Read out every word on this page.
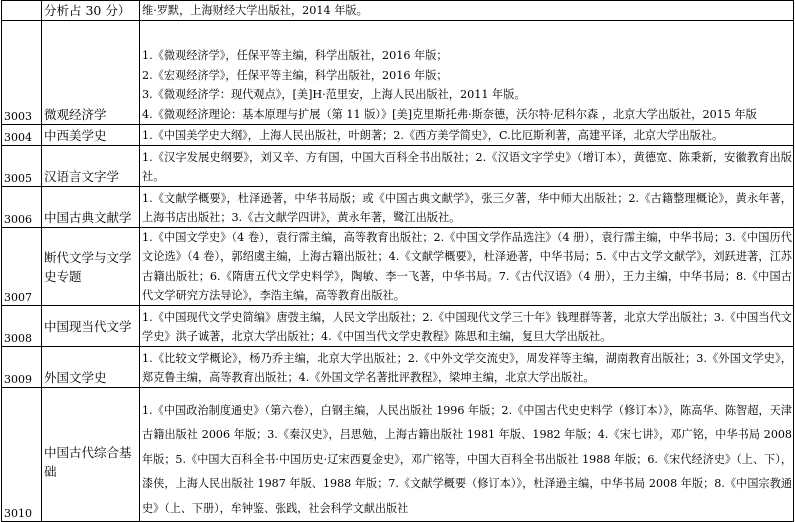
	分析占 30 分）	维·罗默，上海财经大学出版社，2014 年版。

3003	微观经济学	1.《微观经济学》，任保平等主编，科学出版社，2016 年版；
2.《宏观经济学》，任保平等主编，科学出版社，2016 年版；
3.《微观经济学：现代观点》，[美]H·范里安，上海人民出版社，2011 年版。
4.《微观经济理论：基本原理与扩展（第 11 版）》[美]克里斯托弗·斯奈德，沃尔特·尼科尔森 ，北京大学出版社，2015 年版

3004	中西美学史	1.《中国美学史大纲》，上海人民出版社，叶朗著；2.《西方美学简史》，C.比厄斯利著，高建平译，北京大学出版社。

3005	汉语言文字学	1.《汉字发展史纲要》，刘又辛、方有国，中国大百科全书出版社；2.《汉语文字学史》（增订本），黄德宽、陈秉新，安徽教育出版社。

3006	中国古典文献学	1.《文献学概要》，杜泽逊著，中华书局版；或《中国古典文献学》，张三夕著，华中师大出版社；2.《古籍整理概论》，黄永年著，上海书店出版社；3.《古文献学四讲》，黄永年著，鹭江出版社。

3007	断代文学与文学史专题	1.《中国文学史》（4 卷），袁行霈主编，高等教育出版社；2.《中国文学作品选注》（4 册），袁行霈主编，中华书局；3.《中国历代文论选》（4 卷），郭绍虞主编，上海古籍出版社；4.《文献学概要》，杜泽逊著，中华书局；5.《中古文学文献学》，刘跃进著，江苏古籍出版社；6.《隋唐五代文学史料学》，陶敏、李一飞著，中华书局。7.《古代汉语》（4 册），王力主编，中华书局；8.《中国古代文学研究方法导论》，李浩主编，高等教育出版社。

3008	中国现当代文学	1.《中国现代文学史简编》唐弢主编，人民文学出版社；2.《中国现代文学三十年》钱理群等著，北京大学出版社；3.《中国当代文学史》洪子诚著，北京大学出版社；4.《中国当代文学史教程》陈思和主编，复旦大学出版社。

3009	外国文学史	1.《比较文学概论》，杨乃乔主编，北京大学出版社；2.《中外文学交流史》，周发祥等主编，湖南教育出版社；3.《外国文学史》，郑克鲁主编，高等教育出版社；4.《外国文学名著批评教程》，梁坤主编，北京大学出版社。

3010	中国古代综合基础	1.《中国政治制度通史》（第六卷），白钢主编，人民出版社 1996 年版；2.《中国古代史史料学（修订本）》，陈高华、陈智超，天津古籍出版社 2006 年版；3.《秦汉史》，吕思勉，上海古籍出版社 1981 年版、1982 年版；4.《宋七讲》，邓广铭，中华书局 2008 年版；5.《中国大百科全书·中国历史·辽宋西夏金史》，邓广铭等，中国大百科全书出版社 1988 年版；6.《宋代经济史》（上、下），漆侠，上海人民出版社 1987 年版、1988 年版；7.《文献学概要（修订本）》，杜泽逊主编，中华书局 2008 年版；8.《中国宗教通史》（上、下册），牟钟鉴、张践，社会科学文献出版社
